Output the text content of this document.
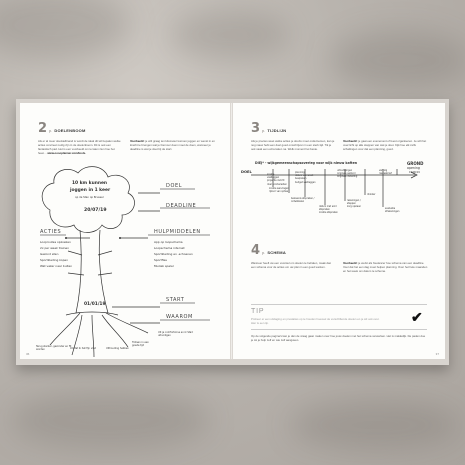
2 p. DOELENBOOM
Als er al meer doelstellinand is wordt de ideal dit wil bepalen welke acties concreet nodig zijn in de doelenboom. Dit is ook een fantastisch pad. Het is een voorbeeld om te laten zien hoe het heen... www.oosoplanner.com/tools.
Voorbeeld: je wilt graag ten kilometer kunnen joggen en wenst in en kracht te brengen wat je hiervoor doen moet de doen, wanneer je deadline is wat je doet bij de start.
10 km kunnen
joggen in 1 keer
op de Stan op Brussel
20/07/19
DOEL
DEADLINE
ACTIES	HULPMIDDELEN
START
WAAROM
01/01/19
Looproutes opzoeken
2x per week trainen
Gezond eten
Sportkleding kopen
Wat vaker naar buiten
App op loopschema
Loopschema internet
Sportkleding en -schoenen
Sportfles
Muziek speler
Terug sterker, gezonder en fit worden	Omdat ik het fijn vind	Uithouding hebben
Trotsen in een goede tijd
Uit je comfortzone en ik Stad uitnodigen
36
3 p. TIJDLIJN
Als je precies weet welke acties je doorlu moet ondernemen, kan je nog nauw hebt een doel goed omschrijven in een sterk tijd. Tik je ook vaak een extra taken na. Welk moment het beste.
Voorbeeld: je gaat een evenement of feest organiseren. Je wilt het overzicht op alle stappen van wat je doet. Kijk hoe elk zelfs schattingen voor dat een planning, goed.
DIEJ* - wijkgemeenschapsoverleg voor wijk nieuw kaften
DOEL
GROND
opening
15/06/19
locatie vastleggen
projectie inzicht
doel voorbereiden
planning
datum van week bespreken
budget vastleggen
uitnodigingen
originele aanbod
originele inkleding
vervolg
nieuwsbrief
locatie aanvragen
rijkoor van opties
belevenis afspraken / ontwikkelen
datum met eind afspraken
locatie afspraken
rekeningen / stappen
zorg opslaan
drukker
evaluatie
afrekeningen
4 p. SCHEMA
Wanneer heeft uw een voorstel om doelen te behalen, maak dan een schema voor de acties om uw plan in een goed werken.
Voorbeeld: je werkt als freelancer hoe schema van een deadline. Voor dat het een dag moet helpen planning. Over het hele maanden en het week om datum te schema.
TIP
Probeer er een uitdaging en prestaties op te houden hoeveel de verschillende doelen en je wil ook over. Hier is een tip.	✔
Op de volgende pagina's kan je dan de vraag gaan maken over hoe jouw doelen met het schema verwerken. Het is makkelijk. De paden doe je tot je hulp zelf en wie zelf aangaven.
37
